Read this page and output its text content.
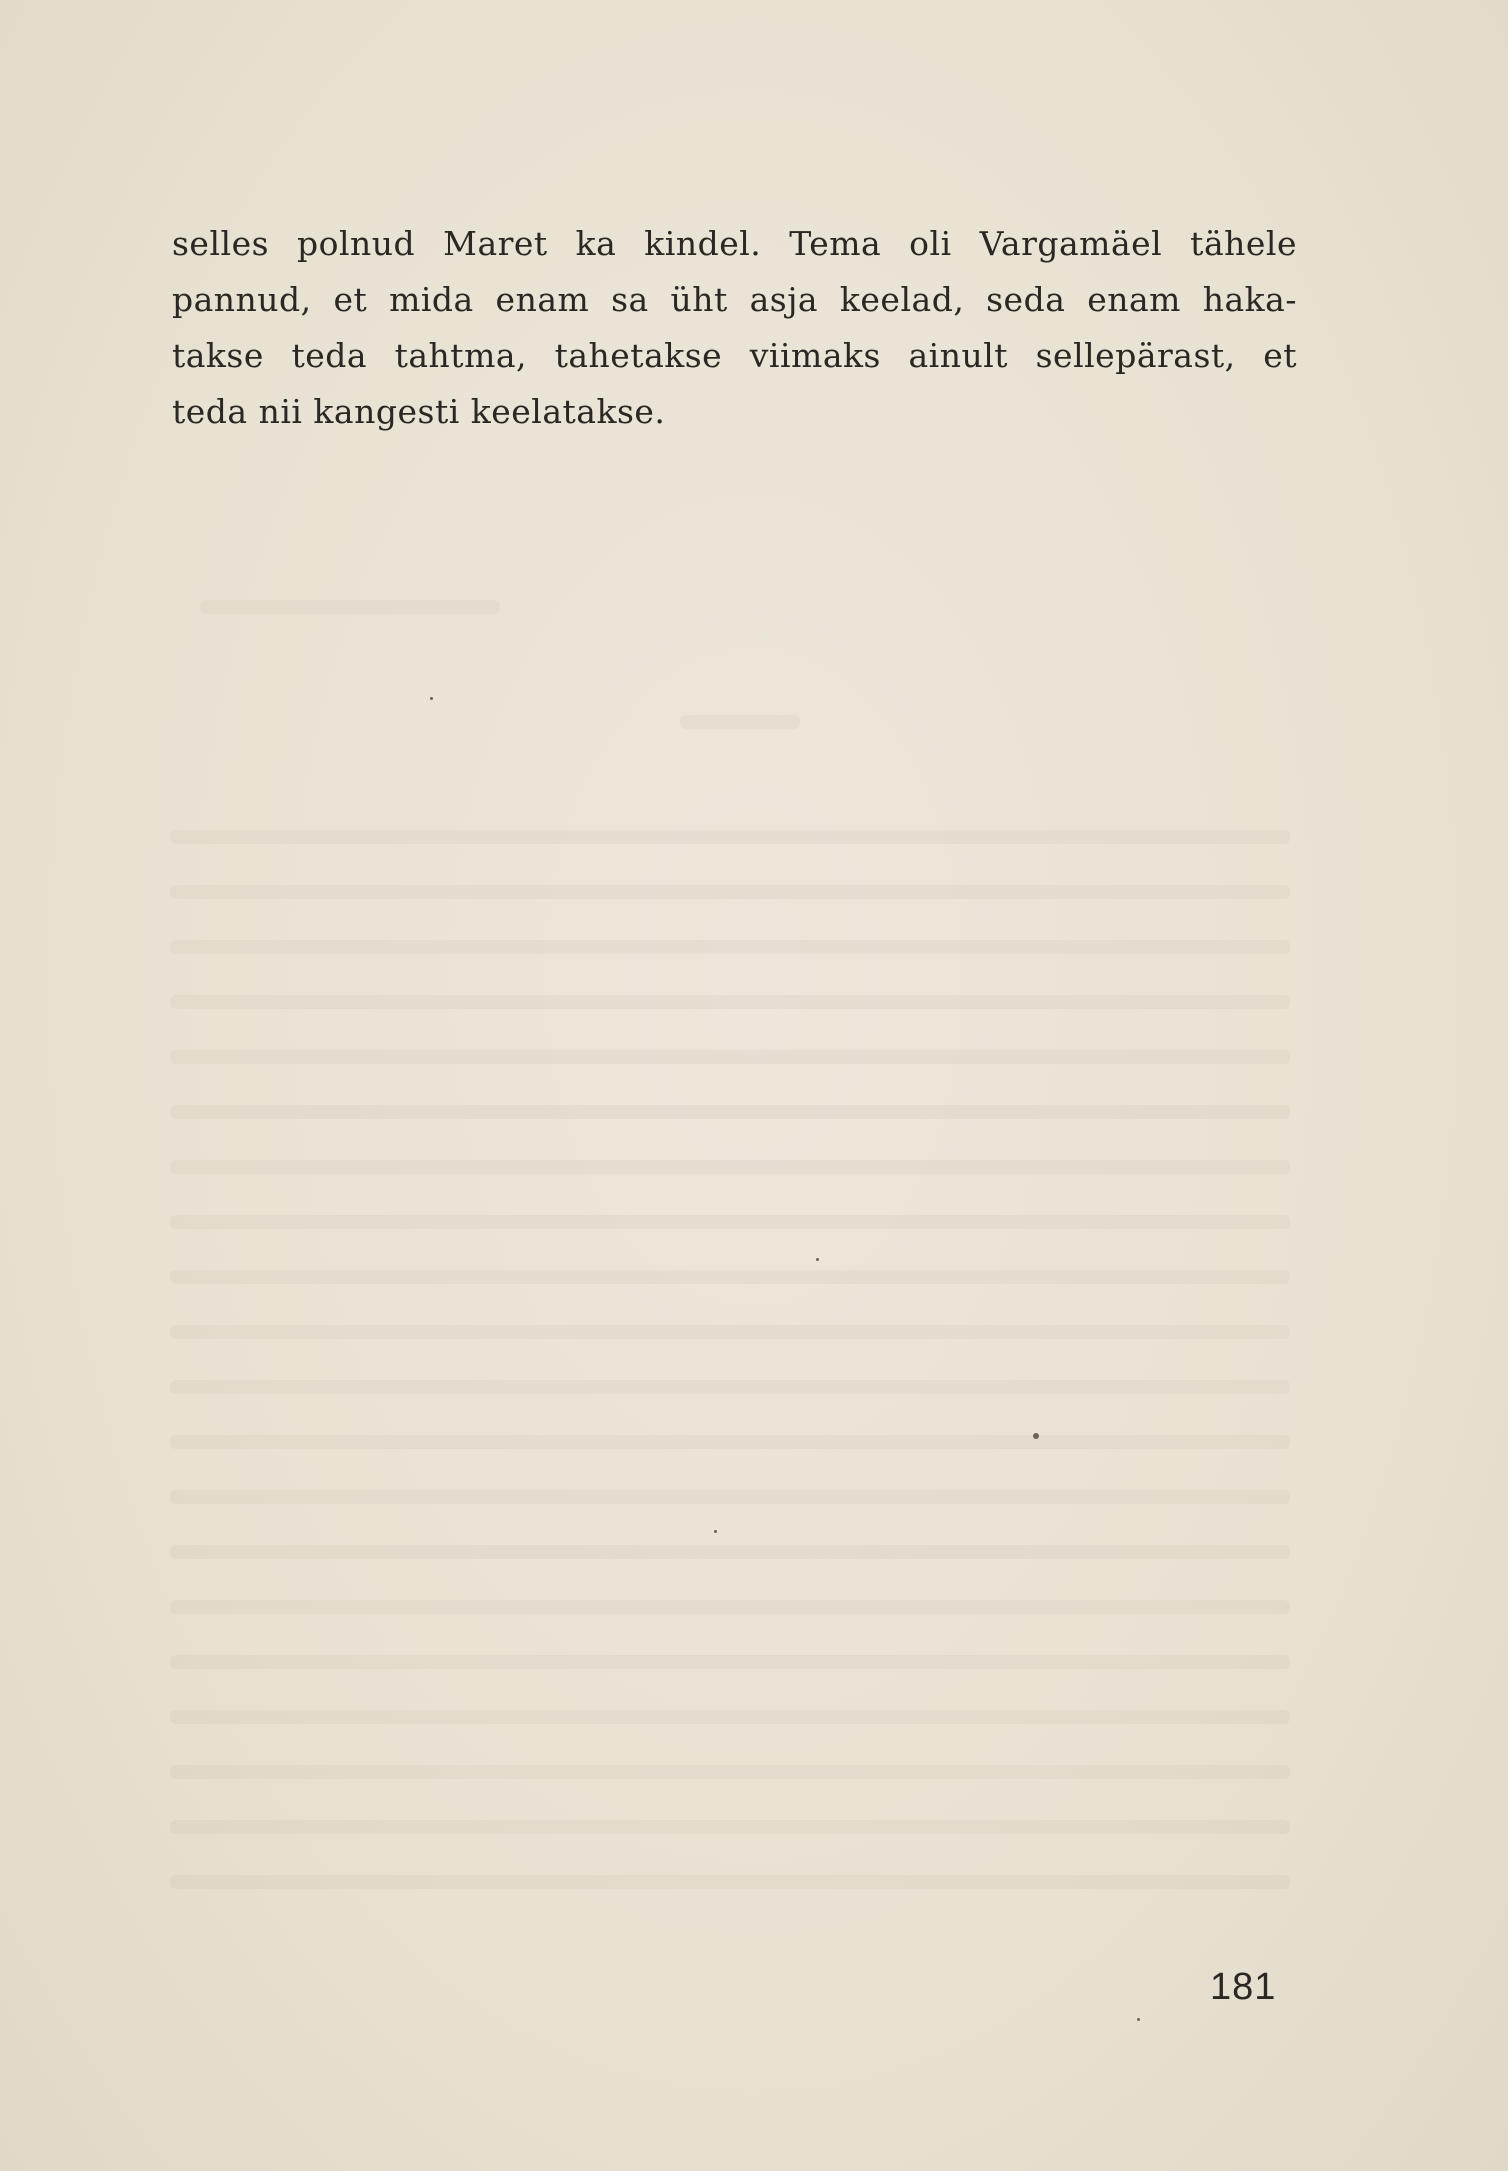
selles polnud Maret ka kindel. Tema oli Vargamäel tähele
pannud, et mida enam sa üht asja keelad, seda enam haka-
takse teda tahtma, tahetakse viimaks ainult sellepärast, et
teda nii kangesti keelatakse.
181
